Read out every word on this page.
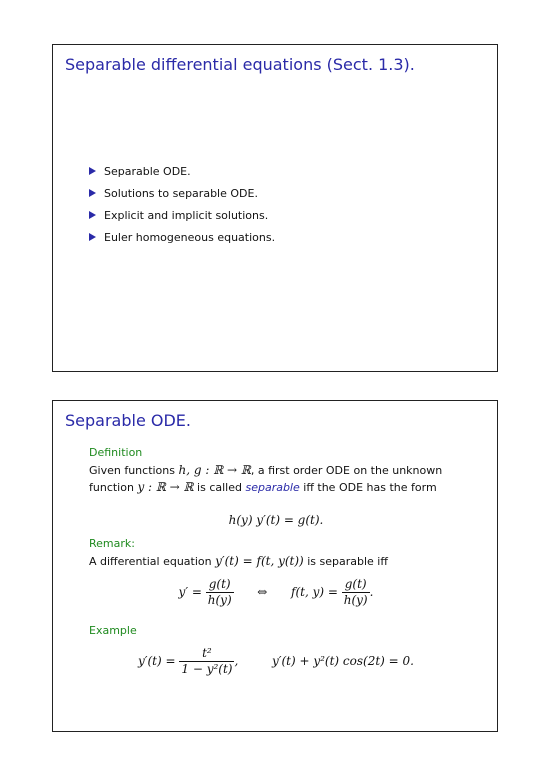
Separable differential equations (Sect. 1.3).
Separable ODE.
Solutions to separable ODE.
Explicit and implicit solutions.
Euler homogeneous equations.
Separable ODE.
Definition
Given functions h, g : ℝ → ℝ, a first order ODE on the unknown
function y : ℝ → ℝ is called separable iff the ODE has the form
h(y) y′(t) = g(t).
Remark:
A differential equation y′(t) = f(t, y(t)) is separable iff
$y' = \frac{g(t)}{h(y)}$ ⇔ f(t, $y) = \frac{g(t)}{h(y)}$ .
Example
$y'(t) = \frac{\text{t²}}{\text{1 − y²(t)}}$ ,	y′(t) + y²(t) cos(2t) = 0.
